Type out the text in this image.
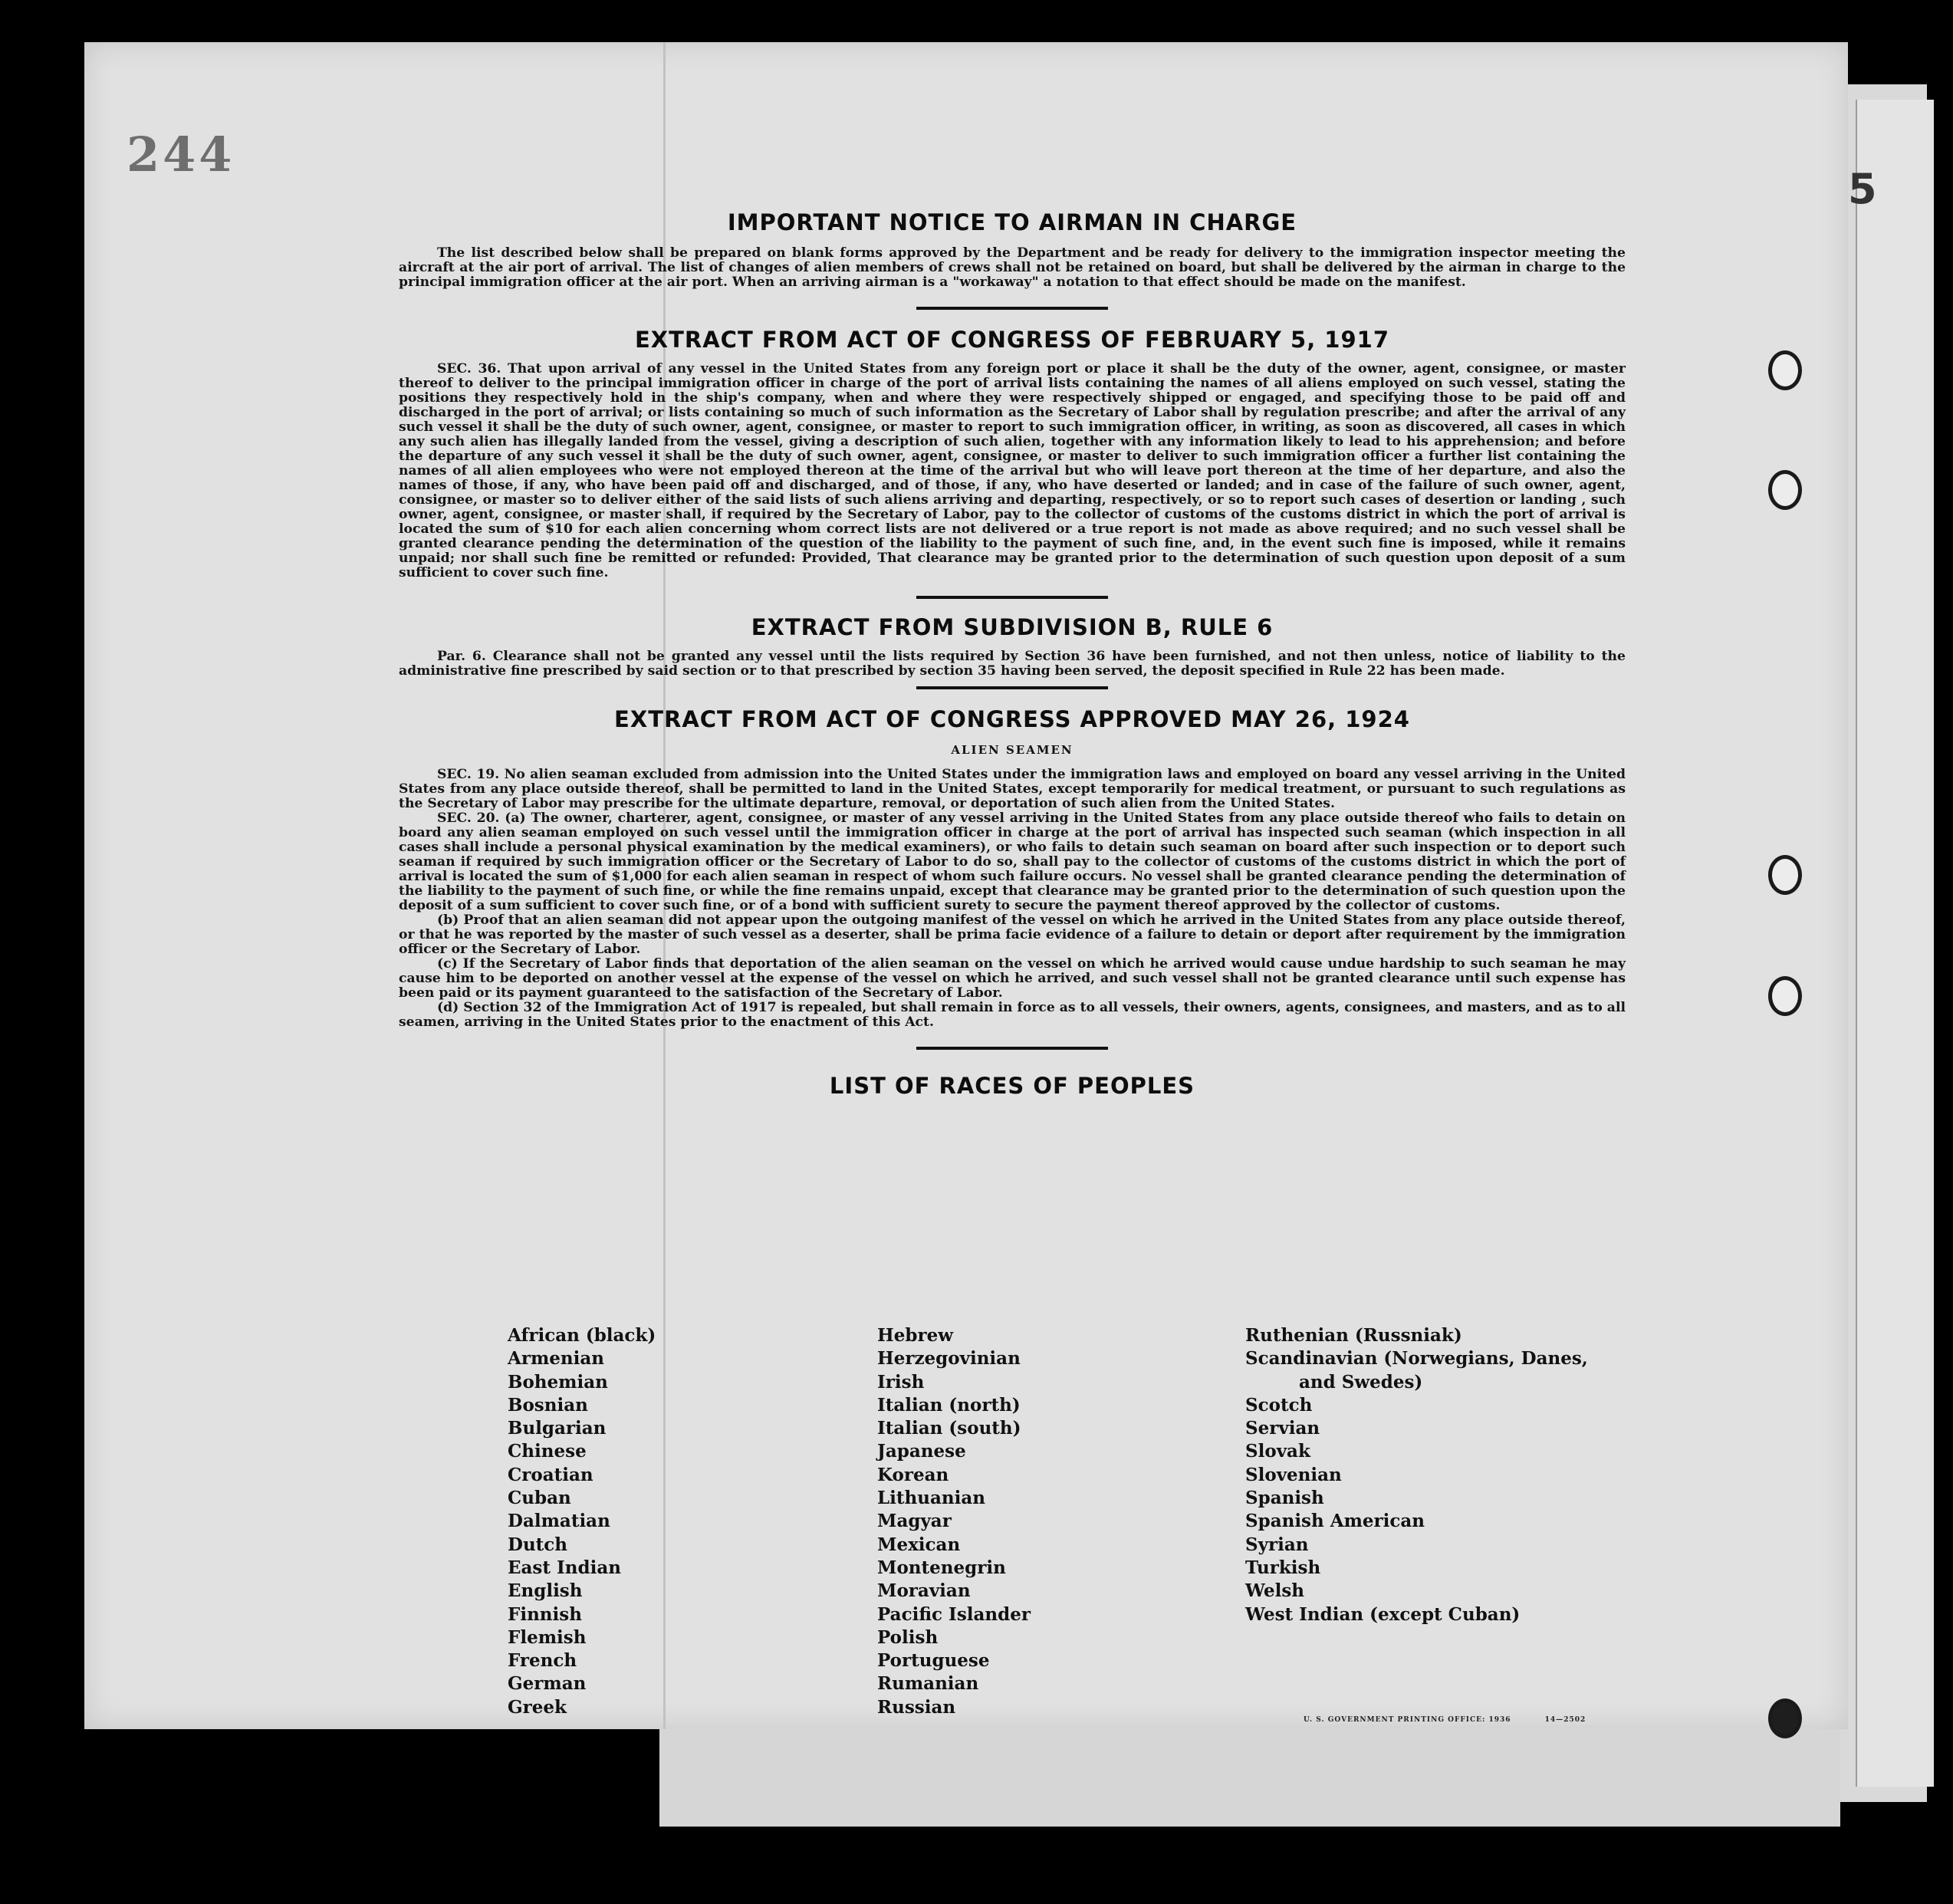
244
5
IMPORTANT NOTICE TO AIRMAN IN CHARGE

The list described below shall be prepared on blank forms approved by the Department and be ready for delivery to the immigration inspector meeting the aircraft at the air port of arrival. The list of changes of alien members of crews shall not be retained on board, but shall be delivered by the airman in charge to the principal immigration officer at the air port. When an arriving airman is a "workaway" a notation to that effect should be made on the manifest.

EXTRACT FROM ACT OF CONGRESS OF FEBRUARY 5, 1917

SEC. 36. That upon arrival of any vessel in the United States from any foreign port or place it shall be the duty of the owner, agent, consignee, or master thereof to deliver to the principal immigration officer in charge of the port of arrival lists containing the names of all aliens employed on such vessel, stating the positions they respectively hold in the ship's company, when and where they were respectively shipped or engaged, and specifying those to be paid off and discharged in the port of arrival; or lists containing so much of such information as the Secretary of Labor shall by regulation prescribe; and after the arrival of any such vessel it shall be the duty of such owner, agent, consignee, or master to report to such immigration officer, in writing, as soon as discovered, all cases in which any such alien has illegally landed from the vessel, giving a description of such alien, together with any information likely to lead to his apprehension; and before the departure of any such vessel it shall be the duty of such owner, agent, consignee, or master to deliver to such immigration officer a further list containing the names of all alien employees who were not employed thereon at the time of the arrival but who will leave port thereon at the time of her departure, and also the names of those, if any, who have been paid off and discharged, and of those, if any, who have deserted or landed; and in case of the failure of such owner, agent, consignee, or master so to deliver either of the said lists of such aliens arriving and departing, respectively, or so to report such cases of desertion or landing , such owner, agent, consignee, or master shall, if required by the Secretary of Labor, pay to the collector of customs of the customs district in which the port of arrival is located the sum of $10 for each alien concerning whom correct lists are not delivered or a true report is not made as above required; and no such vessel shall be granted clearance pending the determination of the question of the liability to the payment of such fine, and, in the event such fine is imposed, while it remains unpaid; nor shall such fine be remitted or refunded: Provided, That clearance may be granted prior to the determination of such question upon deposit of a sum sufficient to cover such fine.

EXTRACT FROM SUBDIVISION B, RULE 6

Par. 6. Clearance shall not be granted any vessel until the lists required by Section 36 have been furnished, and not then unless, notice of liability to the administrative fine prescribed by said section or to that prescribed by section 35 having been served, the deposit specified in Rule 22 has been made.

EXTRACT FROM ACT OF CONGRESS APPROVED MAY 26, 1924

ALIEN SEAMEN

SEC. 19. No alien seaman excluded from admission into the United States under the immigration laws and employed on board any vessel arriving in the United States from any place outside thereof, shall be permitted to land in the United States, except temporarily for medical treatment, or pursuant to such regulations as the Secretary of Labor may prescribe for the ultimate departure, removal, or deportation of such alien from the United States.

SEC. 20. (a) The owner, charterer, agent, consignee, or master of any vessel arriving in the United States from any place outside thereof who fails to detain on board any alien seaman employed on such vessel until the immigration officer in charge at the port of arrival has inspected such seaman (which inspection in all cases shall include a personal physical examination by the medical examiners), or who fails to detain such seaman on board after such inspection or to deport such seaman if required by such immigration officer or the Secretary of Labor to do so, shall pay to the collector of customs of the customs district in which the port of arrival is located the sum of $1,000 for each alien seaman in respect of whom such failure occurs. No vessel shall be granted clearance pending the determination of the liability to the payment of such fine, or while the fine remains unpaid, except that clearance may be granted prior to the determination of such question upon the deposit of a sum sufficient to cover such fine, or of a bond with sufficient surety to secure the payment thereof approved by the collector of customs.

(b) Proof that an alien seaman did not appear upon the outgoing manifest of the vessel on which he arrived in the United States from any place outside thereof, or that he was reported by the master of such vessel as a deserter, shall be prima facie evidence of a failure to detain or deport after requirement by the immigration officer or the Secretary of Labor.

(c) If the Secretary of Labor finds that deportation of the alien seaman on the vessel on which he arrived would cause undue hardship to such seaman he may cause him to be deported on another vessel at the expense of the vessel on which he arrived, and such vessel shall not be granted clearance until such expense has been paid or its payment guaranteed to the satisfaction of the Secretary of Labor.

(d) Section 32 of the Immigration Act of 1917 is repealed, but shall remain in force as to all vessels, their owners, agents, consignees, and masters, and as to all seamen, arriving in the United States prior to the enactment of this Act.

LIST OF RACES OF PEOPLES
African (black)
Armenian
Bohemian
Bosnian
Bulgarian
Chinese
Croatian
Cuban
Dalmatian
Dutch
East Indian
English
Finnish
Flemish
French
German
Greek
Hebrew
Herzegovinian
Irish
Italian (north)
Italian (south)
Japanese
Korean
Lithuanian
Magyar
Mexican
Montenegrin
Moravian
Pacific Islander
Polish
Portuguese
Rumanian
Russian
Ruthenian (Russniak)
Scandinavian (Norwegians, Danes,
and Swedes)
Scotch
Servian
Slovak
Slovenian
Spanish
Spanish American
Syrian
Turkish
Welsh
West Indian (except Cuban)
U. S. GOVERNMENT PRINTING OFFICE: 1936	14—2502
